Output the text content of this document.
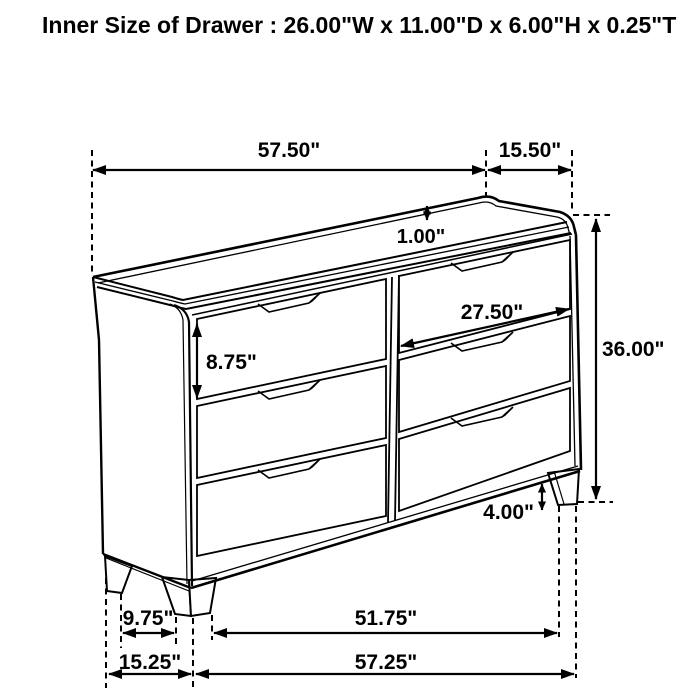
Inner Size of Drawer : 26.00"W x 11.00"D x 6.00"H x 0.25"T
57.50"	15.50"
1.00"
27.50"
8.75"
36.00"
4.00"
9.75"
15.25"
51.75"
57.25"
